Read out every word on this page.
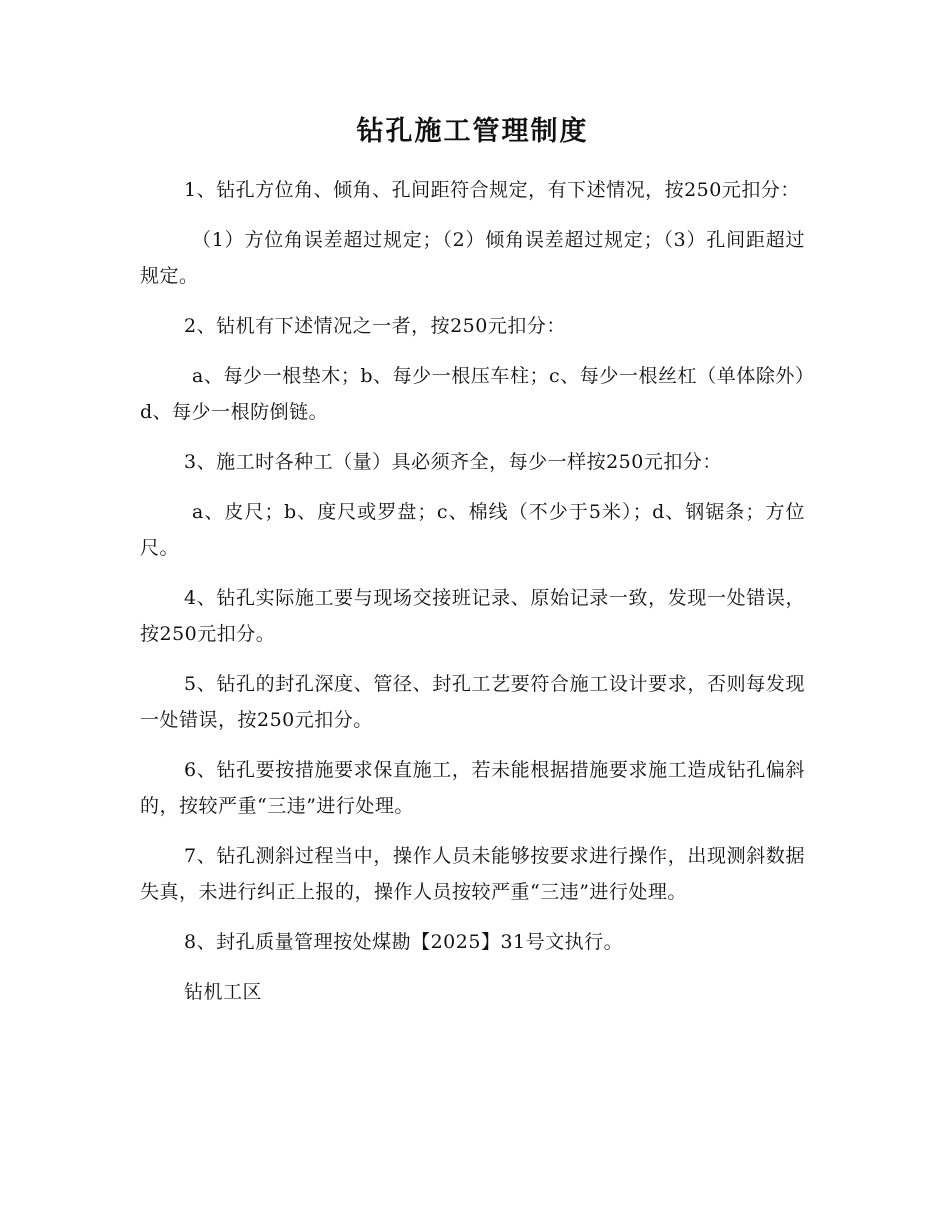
钻孔施工管理制度

1、钻孔方位角、倾角、孔间距符合规定，有下述情况，按250元扣分：

（1）方位角误差超过规定；（2）倾角误差超过规定；（3）孔间距超过规定。

2、钻机有下述情况之一者，按250元扣分：

a、每少一根垫木；b、每少一根压车柱；c、每少一根丝杠（单体除外）d、每少一根防倒链。

3、施工时各种工（量）具必须齐全，每少一样按250元扣分：

a、皮尺；b、度尺或罗盘；c、棉线（不少于5米）；d、钢锯条；方位尺。

4、钻孔实际施工要与现场交接班记录、原始记录一致，发现一处错误，按250元扣分。

5、钻孔的封孔深度、管径、封孔工艺要符合施工设计要求，否则每发现一处错误，按250元扣分。

6、钻孔要按措施要求保直施工，若未能根据措施要求施工造成钻孔偏斜的，按较严重“三违”进行处理。

7、钻孔测斜过程当中，操作人员未能够按要求进行操作，出现测斜数据失真，未进行纠正上报的，操作人员按较严重“三违”进行处理。

8、封孔质量管理按处煤勘【2025】31号文执行。

钻机工区
